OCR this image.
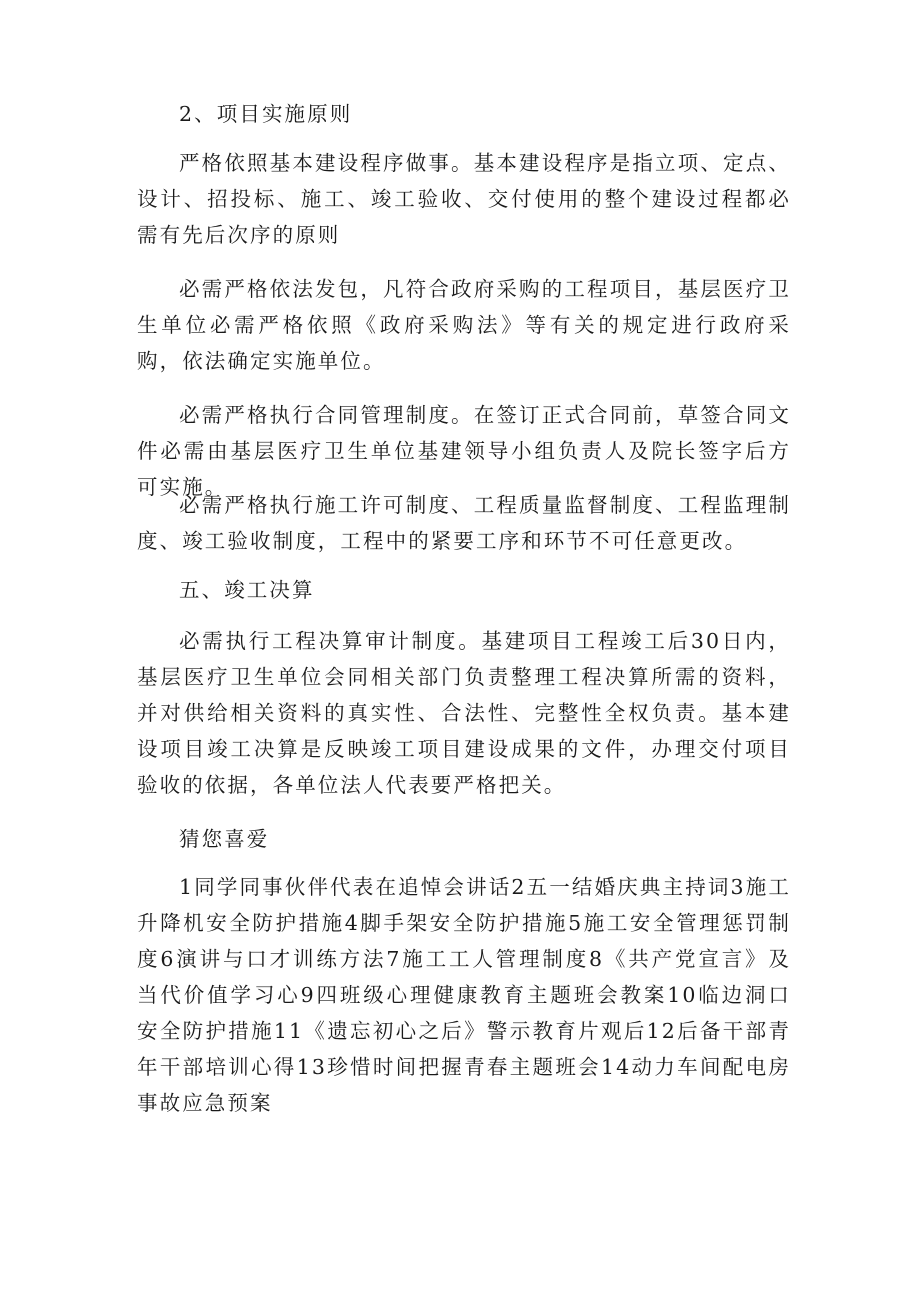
2、项目实施原则

严格依照基本建设程序做事。基本建设程序是指立项、定点、设计、招投标、施工、竣工验收、交付使用的整个建设过程都必需有先后次序的原则

必需严格依法发包，凡符合政府采购的工程项目，基层医疗卫生单位必需严格依照《政府采购法》等有关的规定进行政府采购，依法确定实施单位。

必需严格执行合同管理制度。在签订正式合同前，草签合同文件必需由基层医疗卫生单位基建领导小组负责人及院长签字后方可实施。

必需严格执行施工许可制度、工程质量监督制度、工程监理制度、竣工验收制度，工程中的紧要工序和环节不可任意更改。

五、竣工决算

必需执行工程决算审计制度。基建项目工程竣工后30日内，基层医疗卫生单位会同相关部门负责整理工程决算所需的资料，并对供给相关资料的真实性、合法性、完整性全权负责。基本建设项目竣工决算是反映竣工项目建设成果的文件，办理交付项目验收的依据，各单位法人代表要严格把关。

猜您喜爱

1同学同事伙伴代表在追悼会讲话2五一结婚庆典主持词3施工升降机安全防护措施4脚手架安全防护措施5施工安全管理惩罚制度6演讲与口才训练方法7施工工人管理制度8《共产党宣言》及当代价值学习心9四班级心理健康教育主题班会教案10临边洞口安全防护措施11《遗忘初心之后》警示教育片观后12后备干部青年干部培训心得13珍惜时间把握青春主题班会14动力车间配电房事故应急预案
